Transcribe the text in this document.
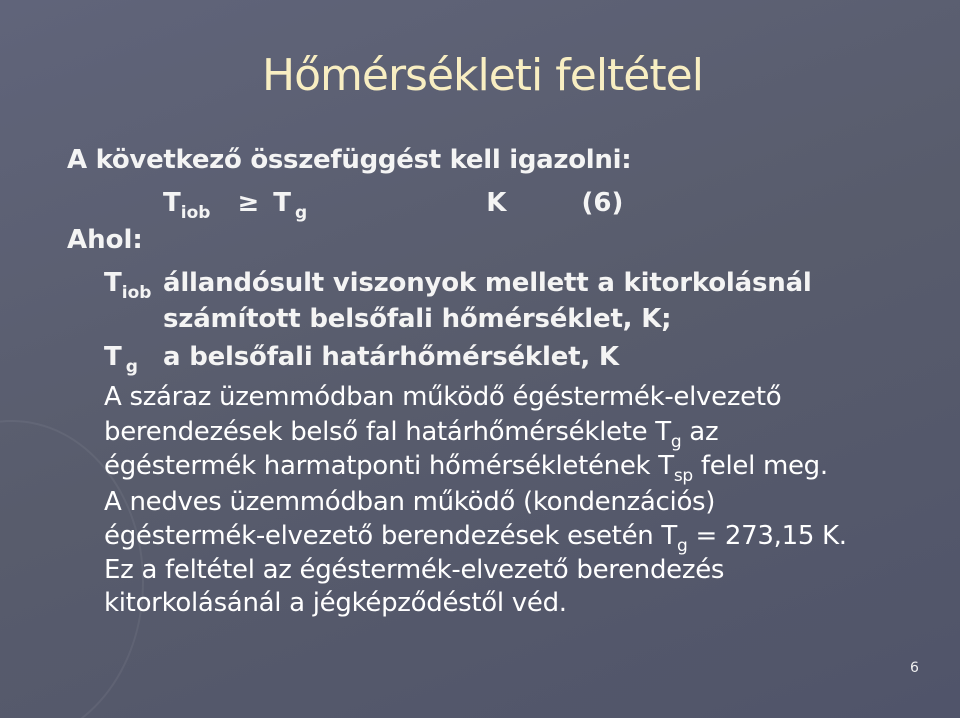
Hőmérsékleti feltétel
A következő összefüggést kell igazolni:
$T_{iob} \ge T$ $_g$	K	(6)
Ahol:
Tiob állandósult viszonyok mellett a kitorkolásnál
számított belsőfali hőmérséklet, K;
Tg a belsőfali határhőmérséklet, K
A száraz üzemmódban működő égéstermék-elvezető
berendezések belső fal határhőmérséklete $T_g$ az
égéstermék harmatponti hőmérsékletének $T_{sp}$ felel meg.
A nedves üzemmódban működő (kondenzációs)
égéstermék-elvezető berendezések esetén $T_g = 273,15$ K.
Ez a feltétel az égéstermék-elvezető berendezés
kitorkolásánál a jégképződéstől véd.
6
